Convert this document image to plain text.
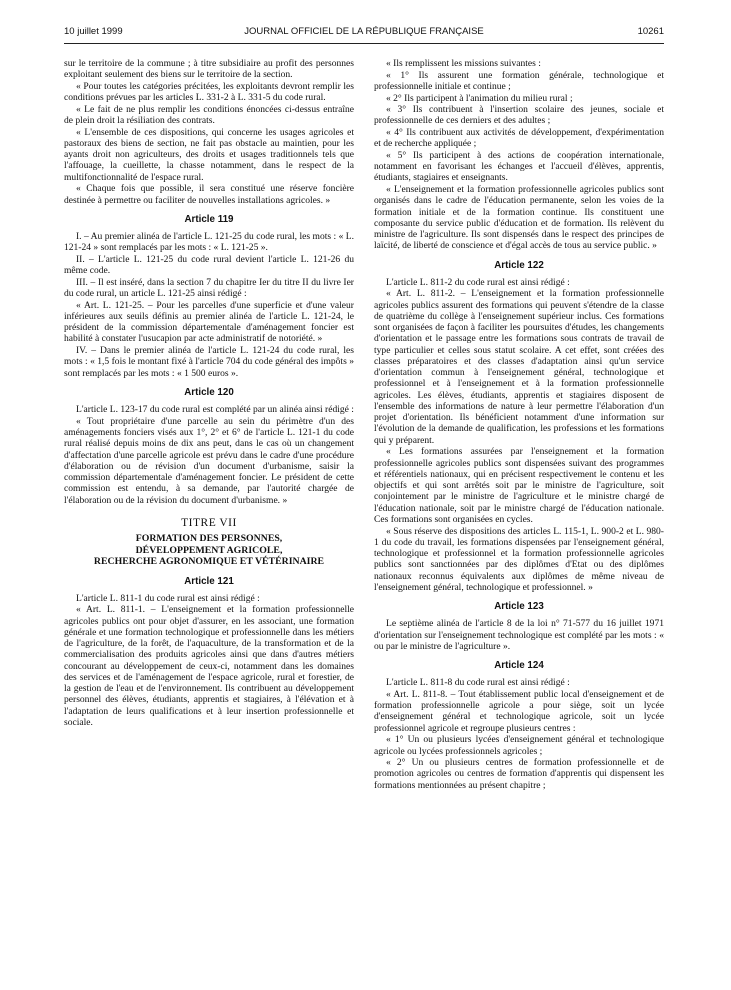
10 juillet 1999	JOURNAL OFFICIEL DE LA RÉPUBLIQUE FRANÇAISE	10261

sur le territoire de la commune ; à titre subsidiaire au profit des personnes exploitant seulement des biens sur le territoire de la section.

« Pour toutes les catégories précitées, les exploitants devront remplir les conditions prévues par les articles L. 331-2 à L. 331-5 du code rural.

« Le fait de ne plus remplir les conditions énoncées ci-dessus entraîne de plein droit la résiliation des contrats.

« L'ensemble de ces dispositions, qui concerne les usages agricoles et pastoraux des biens de section, ne fait pas obstacle au maintien, pour les ayants droit non agriculteurs, des droits et usages traditionnels tels que l'affouage, la cueillette, la chasse notamment, dans le respect de la multifonctionnalité de l'espace rural.

« Chaque fois que possible, il sera constitué une réserve foncière destinée à permettre ou faciliter de nouvelles installations agricoles. »

Article 119

I. – Au premier alinéa de l'article L. 121-25 du code rural, les mots : « L. 121-24 » sont remplacés par les mots : « L. 121-25 ».

II. – L'article L. 121-25 du code rural devient l'article L. 121-26 du même code.

III. – Il est inséré, dans la section 7 du chapitre Ier du titre II du livre Ier du code rural, un article L. 121-25 ainsi rédigé :

« Art. L. 121-25. – Pour les parcelles d'une superficie et d'une valeur inférieures aux seuils définis au premier alinéa de l'article L. 121-24, le président de la commission départementale d'aménagement foncier est habilité à constater l'usucapion par acte administratif de notoriété. »

IV. – Dans le premier alinéa de l'article L. 121-24 du code rural, les mots : « 1,5 fois le montant fixé à l'article 704 du code général des impôts » sont remplacés par les mots : « 1 500 euros ».

Article 120

L'article L. 123-17 du code rural est complété par un alinéa ainsi rédigé :

« Tout propriétaire d'une parcelle au sein du périmètre d'un des aménagements fonciers visés aux 1°, 2° et 6° de l'article L. 121-1 du code rural réalisé depuis moins de dix ans peut, dans le cas où un changement d'affectation d'une parcelle agricole est prévu dans le cadre d'une procédure d'élaboration ou de révision d'un document d'urbanisme, saisir la commission départementale d'aménagement foncier. Le président de cette commission est entendu, à sa demande, par l'autorité chargée de l'élaboration ou de la révision du document d'urbanisme. »

TITRE VII
FORMATION DES PERSONNES,
DÉVELOPPEMENT AGRICOLE,
RECHERCHE AGRONOMIQUE ET VÉTÉRINAIRE
Article 121

L'article L. 811-1 du code rural est ainsi rédigé :

« Art. L. 811-1. – L'enseignement et la formation professionnelle agricoles publics ont pour objet d'assurer, en les associant, une formation générale et une formation technologique et professionnelle dans les métiers de l'agriculture, de la forêt, de l'aquaculture, de la transformation et de la commercialisation des produits agricoles ainsi que dans d'autres métiers concourant au développement de ceux-ci, notamment dans les domaines des services et de l'aménagement de l'espace agricole, rural et forestier, de la gestion de l'eau et de l'environnement. Ils contribuent au développement personnel des élèves, étudiants, apprentis et stagiaires, à l'élévation et à l'adaptation de leurs qualifications et à leur insertion professionnelle et sociale.

« Ils remplissent les missions suivantes :

« 1° Ils assurent une formation générale, technologique et professionnelle initiale et continue ;

« 2° Ils participent à l'animation du milieu rural ;

« 3° Ils contribuent à l'insertion scolaire des jeunes, sociale et professionnelle de ces derniers et des adultes ;

« 4° Ils contribuent aux activités de développement, d'expérimentation et de recherche appliquée ;

« 5° Ils participent à des actions de coopération internationale, notamment en favorisant les échanges et l'accueil d'élèves, apprentis, étudiants, stagiaires et enseignants.

« L'enseignement et la formation professionnelle agricoles publics sont organisés dans le cadre de l'éducation permanente, selon les voies de la formation initiale et de la formation continue. Ils constituent une composante du service public d'éducation et de formation. Ils relèvent du ministre de l'agriculture. Ils sont dispensés dans le respect des principes de laïcité, de liberté de conscience et d'égal accès de tous au service public. »

Article 122

L'article L. 811-2 du code rural est ainsi rédigé :

« Art. L. 811-2. – L'enseignement et la formation professionnelle agricoles publics assurent des formations qui peuvent s'étendre de la classe de quatrième du collège à l'enseignement supérieur inclus. Ces formations sont organisées de façon à faciliter les poursuites d'études, les changements d'orientation et le passage entre les formations sous contrats de travail de type particulier et celles sous statut scolaire. A cet effet, sont créées des classes préparatoires et des classes d'adaptation ainsi qu'un service d'orientation commun à l'enseignement général, technologique et professionnel et à l'enseignement et à la formation professionnelle agricoles. Les élèves, étudiants, apprentis et stagiaires disposent de l'ensemble des informations de nature à leur permettre l'élaboration d'un projet d'orientation. Ils bénéficient notamment d'une information sur l'évolution de la demande de qualification, les professions et les formations qui y préparent.

« Les formations assurées par l'enseignement et la formation professionnelle agricoles publics sont dispensées suivant des programmes et référentiels nationaux, qui en précisent respectivement le contenu et les objectifs et qui sont arrêtés soit par le ministre de l'agriculture, soit conjointement par le ministre de l'agriculture et le ministre chargé de l'éducation nationale, soit par le ministre chargé de l'éducation nationale. Ces formations sont organisées en cycles.

« Sous réserve des dispositions des articles L. 115-1, L. 900-2 et L. 980-1 du code du travail, les formations dispensées par l'enseignement général, technologique et professionnel et la formation professionnelle agricoles publics sont sanctionnées par des diplômes d'Etat ou des diplômes nationaux reconnus équivalents aux diplômes de même niveau de l'enseignement général, technologique et professionnel. »

Article 123

Le septième alinéa de l'article 8 de la loi n° 71-577 du 16 juillet 1971 d'orientation sur l'enseignement technologique est complété par les mots : « ou par le ministre de l'agriculture ».

Article 124

L'article L. 811-8 du code rural est ainsi rédigé :

« Art. L. 811-8. – Tout établissement public local d'enseignement et de formation professionnelle agricole a pour siège, soit un lycée d'enseignement général et technologique agricole, soit un lycée professionnel agricole et regroupe plusieurs centres :

« 1° Un ou plusieurs lycées d'enseignement général et technologique agricole ou lycées professionnels agricoles ;

« 2° Un ou plusieurs centres de formation professionnelle et de promotion agricoles ou centres de formation d'apprentis qui dispensent les formations mentionnées au présent chapitre ;
